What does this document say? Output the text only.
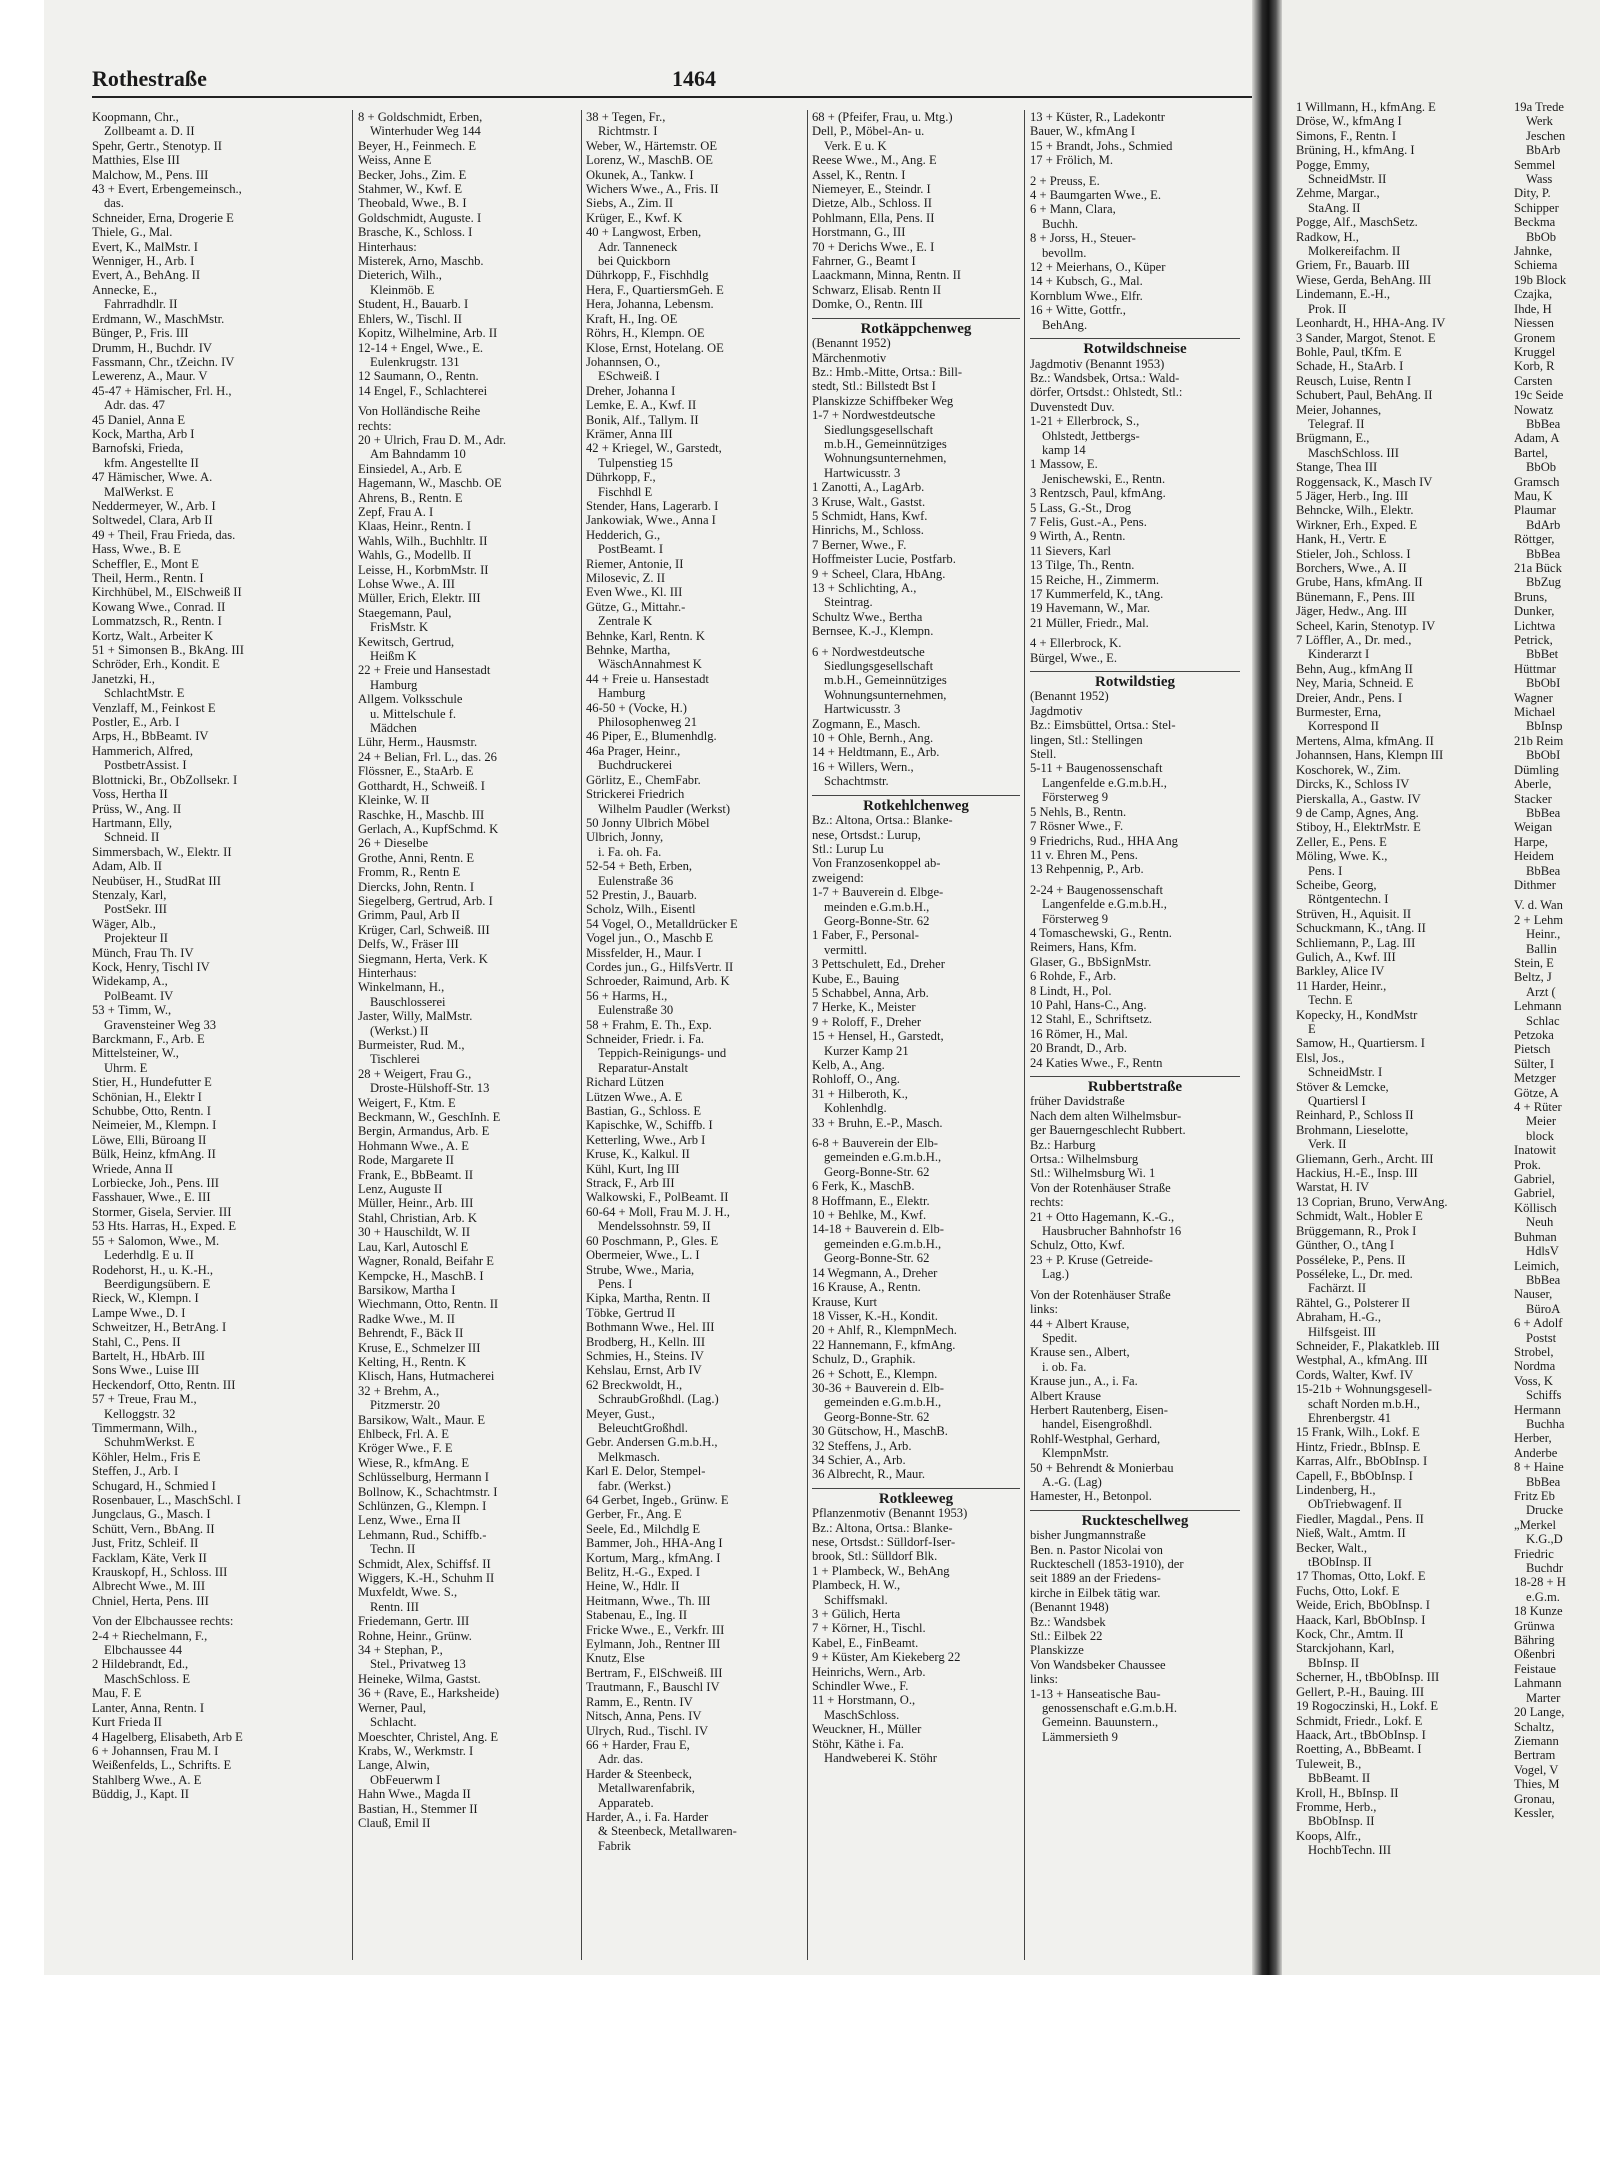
1 Willmann, H., kfmAng. E

Dröse, W., kfmAng I

Simons, F., Rentn. I

Brüning, H., kfmAng. I

Pogge, Emmy,

SchneidMstr. II

Zehme, Margar.,

StaAng. II

Pogge, Alf., MaschSetz.

Radkow, H.,

Molkereifachm. II

Griem, Fr., Bauarb. III

Wiese, Gerda, BehAng. III

Lindemann, E.-H.,

Prok. II

Leonhardt, H., HHA-Ang. IV

3 Sander, Margot, Stenot. E

Bohle, Paul, tKfm. E

Schade, H., StaArb. I

Reusch, Luise, Rentn I

Schubert, Paul, BehAng. II

Meier, Johannes,

Telegraf. II

Brügmann, E.,

MaschSchloss. III

Stange, Thea III

Roggensack, K., Masch IV

5 Jäger, Herb., Ing. III

Behncke, Wilh., Elektr.

Wirkner, Erh., Exped. E

Hank, H., Vertr. E

Stieler, Joh., Schloss. I

Borchers, Wwe., A. II

Grube, Hans, kfmAng. II

Bünemann, F., Pens. III

Jäger, Hedw., Ang. III

Scheel, Karin, Stenotyp. IV

7 Löffler, A., Dr. med.,

Kinderarzt I

Behn, Aug., kfmAng II

Ney, Maria, Schneid. E

Dreier, Andr., Pens. I

Burmester, Erna,

Korrespond II

Mertens, Alma, kfmAng. II

Johannsen, Hans, Klempn III

Koschorek, W., Zim.

Dircks, K., Schloss IV

Pierskalla, A., Gastw. IV

9 de Camp, Agnes, Ang.

Stiboy, H., ElektrMstr. E

Zeller, E., Pens. E

Möling, Wwe. K.,

Pens. I

Scheibe, Georg,

Röntgentechn. I

Strüven, H., Aquisit. II

Schuckmann, K., tAng. II

Schliemann, P., Lag. III

Gulich, A., Kwf. III

Barkley, Alice IV

11 Harder, Heinr.,

Techn. E

Kopecky, H., KondMstr

E

Samow, H., Quartiersm. I

Elsl, Jos.,

SchneidMstr. I

Stöver & Lemcke,

Quartiersl I

Reinhard, P., Schloss II

Brohmann, Lieselotte,

Verk. II

Gliemann, Gerh., Archt. III

Hackius, H.-E., Insp. III

Warstat, H. IV

13 Coprian, Bruno, VerwAng.

Schmidt, Walt., Hobler E

Brüggemann, R., Prok I

Günther, O., tAng I

Posséleke, P., Pens. II

Posséleke, L., Dr. med.

Fachärzt. II

Rähtel, G., Polsterer II

Abraham, H.-G.,

Hilfsgeist. III

Schneider, F., Plakatkleb. III

Westphal, A., kfmAng. III

Cords, Walter, Kwf. IV

15-21b + Wohnungsgesell-

schaft Norden m.b.H.,

Ehrenbergstr. 41

15 Frank, Wilh., Lokf. E

Hintz, Friedr., BbInsp. E

Karras, Alfr., BbObInsp. I

Capell, F., BbObInsp. I

Lindenberg, H.,

ObTriebwagenf. II

Fiedler, Magdal., Pens. II

Nieß, Walt., Amtm. II

Becker, Walt.,

tBObInsp. II

17 Thomas, Otto, Lokf. E

Fuchs, Otto, Lokf. E

Weide, Erich, BbObInsp. I

Haack, Karl, BbObInsp. I

Kock, Chr., Amtm. II

Starckjohann, Karl,

BbInsp. II

Scherner, H., tBbObInsp. III

Gellert, P.-H., Bauing. III

19 Rogoczinski, H., Lokf. E

Schmidt, Friedr., Lokf. E

Haack, Art., tBbObInsp. I

Roetting, A., BbBeamt. I

Tuleweit, B.,

BbBeamt. II

Kroll, H., BbInsp. II

Fromme, Herb.,

BbObInsp. II

Koops, Alfr.,

HochbTechn. III

19a Trede

Werk

Jeschen

BbArb

Semmel

Wass

Dity, P.

Schipper

Beckma

BbOb

Jahnke,

Schiema

19b Block

Czajka,

Ihde, H

Niessen

Gronem

Kruggel

Korb, R

Carsten

19c Seide

Nowatz

BbBea

Adam, A

Bartel,

BbOb

Gramsch

Mau, K

Plaumar

BdArb

Röttger,

BbBea

21a Bück

BbZug

Bruns,

Dunker,

Lichtwa

Petrick,

BbBet

Hüttmar

BbObI

Wagner

Michael

BbInsp

21b Reim

BbObI

Dümling

Aberle,

Stacker

BbBea

Weigan

Harpe,

Heidem

BbBea

Dithmer

V. d. Wan

2 + Lehm

Heinr.,

Ballin

Stein, E

Beltz, J

Arzt (

Lehmann

Schlac

Petzoka

Pietsch

Sülter, I

Metzger

Götze, A

4 + Rüter

Meier

block

Inatowit

Prok.

Gabriel,

Gabriel,

Köllisch

Neuh

Buhman

HdlsV

Leimich,

BbBea

Nauser,

BüroA

6 + Adolf

Postst

Strobel,

Nordma

Voss, K

Schiffs

Hermann

Buchha

Herber,

Anderbe

8 + Haine

BbBea

Fritz Eb

Drucke

„Merkel

K.G.,D

Friedric

Buchdr

18-28 + H

e.G.m.

18 Kunze

Grünwa

Bähring

Oßenbri

Feistaue

Lahmann

Marter

20 Lange,

Schaltz,

Ziemann

Bertram

Vogel, V

Thies, M

Gronau,

Kessler,

Rothestraße	1464

Koopmann, Chr.,

Zollbeamt a. D. II

Spehr, Gertr., Stenotyp. II

Matthies, Else III

Malchow, M., Pens. III

43 + Evert, Erbengemeinsch.,

das.

Schneider, Erna, Drogerie E

Thiele, G., Mal.

Evert, K., MalMstr. I

Wenniger, H., Arb. I

Evert, A., BehAng. II

Annecke, E.,

Fahrradhdlr. II

Erdmann, W., MaschMstr.

Bünger, P., Fris. III

Drumm, H., Buchdr. IV

Fassmann, Chr., tZeichn. IV

Lewerenz, A., Maur. V

45-47 + Hämischer, Frl. H.,

Adr. das. 47

45 Daniel, Anna E

Kock, Martha, Arb I

Barnofski, Frieda,

kfm. Angestellte II

47 Hämischer, Wwe. A.

MalWerkst. E

Neddermeyer, W., Arb. I

Soltwedel, Clara, Arb II

49 + Theil, Frau Frieda, das.

Hass, Wwe., B. E

Scheffler, E., Mont E

Theil, Herm., Rentn. I

Kirchhübel, M., ElSchweiß II

Kowang Wwe., Conrad. II

Lommatzsch, R., Rentn. I

Kortz, Walt., Arbeiter K

51 + Simonsen B., BkAng. III

Schröder, Erh., Kondit. E

Janetzki, H.,

SchlachtMstr. E

Venzlaff, M., Feinkost E

Postler, E., Arb. I

Arps, H., BbBeamt. IV

Hammerich, Alfred,

PostbetrAssist. I

Blottnicki, Br., ObZollsekr. I

Voss, Hertha II

Prüss, W., Ang. II

Hartmann, Elly,

Schneid. II

Simmersbach, W., Elektr. II

Adam, Alb. II

Neubüser, H., StudRat III

Stenzaly, Karl,

PostSekr. III

Wäger, Alb.,

Projekteur II

Münch, Frau Th. IV

Kock, Henry, Tischl IV

Widekamp, A.,

PolBeamt. IV

53 + Timm, W.,

Gravensteiner Weg 33

Barckmann, F., Arb. E

Mittelsteiner, W.,

Uhrm. E

Stier, H., Hundefutter E

Schönian, H., Elektr I

Schubbe, Otto, Rentn. I

Neimeier, M., Klempn. I

Löwe, Elli, Büroang II

Bülk, Heinz, kfmAng. II

Wriede, Anna II

Lorbiecke, Joh., Pens. III

Fasshauer, Wwe., E. III

Stormer, Gisela, Servier. III

53 Hts. Harras, H., Exped. E

55 + Salomon, Wwe., M.

Lederhdlg. E u. II

Rodehorst, H., u. K.-H.,

Beerdigungsübern. E

Rieck, W., Klempn. I

Lampe Wwe., D. I

Schweitzer, H., BetrAng. I

Stahl, C., Pens. II

Bartelt, H., HbArb. III

Sons Wwe., Luise III

Heckendorf, Otto, Rentn. III

57 + Treue, Frau M.,

Kelloggstr. 32

Timmermann, Wilh.,

SchuhmWerkst. E

Köhler, Helm., Fris E

Steffen, J., Arb. I

Schugard, H., Schmied I

Rosenbauer, L., MaschSchl. I

Jungclaus, G., Masch. I

Schütt, Vern., BbAng. II

Just, Fritz, Schleif. II

Facklam, Käte, Verk II

Krauskopf, H., Schloss. III

Albrecht Wwe., M. III

Chniel, Herta, Pens. III

Von der Elbchaussee rechts:

2-4 + Riechelmann, F.,

Elbchaussee 44

2 Hildebrandt, Ed.,

MaschSchloss. E

Mau, F. E

Lanter, Anna, Rentn. I

Kurt Frieda II

4 Hagelberg, Elisabeth, Arb E

6 + Johannsen, Frau M. I

Weißenfelds, L., Schrifts. E

Stahlberg Wwe., A. E

Büddig, J., Kapt. II

8 + Goldschmidt, Erben,

Winterhuder Weg 144

Beyer, H., Feinmech. E

Weiss, Anne E

Becker, Johs., Zim. E

Stahmer, W., Kwf. E

Theobald, Wwe., B. I

Goldschmidt, Auguste. I

Brasche, K., Schloss. I

Hinterhaus:

Misterek, Arno, Maschb.

Dieterich, Wilh.,

Kleinmöb. E

Student, H., Bauarb. I

Ehlers, W., Tischl. II

Kopitz, Wilhelmine, Arb. II

12-14 + Engel, Wwe., E.

Eulenkrugstr. 131

12 Saumann, O., Rentn.

14 Engel, F., Schlachterei

Von Holländische Reihe

rechts:

20 + Ulrich, Frau D. M., Adr.

Am Bahndamm 10

Einsiedel, A., Arb. E

Hagemann, W., Maschb. OE

Ahrens, B., Rentn. E

Zepf, Frau A. I

Klaas, Heinr., Rentn. I

Wahls, Wilh., Buchhltr. II

Wahls, G., Modellb. II

Leisse, H., KorbmMstr. II

Lohse Wwe., A. III

Müller, Erich, Elektr. III

Staegemann, Paul,

FrisMstr. K

Kewitsch, Gertrud,

Heißm K

22 + Freie und Hansestadt

Hamburg

Allgem. Volksschule

u. Mittelschule f.

Mädchen

Lühr, Herm., Hausmstr.

24 + Belian, Frl. L., das. 26

Flössner, E., StaArb. E

Gotthardt, H., Schweiß. I

Kleinke, W. II

Raschke, H., Maschb. III

Gerlach, A., KupfSchmd. K

26 + Dieselbe

Grothe, Anni, Rentn. E

Fromm, R., Rentn E

Diercks, John, Rentn. I

Siegelberg, Gertrud, Arb. I

Grimm, Paul, Arb II

Krüger, Carl, Schweiß. III

Delfs, W., Fräser III

Siegmann, Herta, Verk. K

Hinterhaus:

Winkelmann, H.,

Bauschlosserei

Jaster, Willy, MalMstr.

(Werkst.) II

Burmeister, Rud. M.,

Tischlerei

28 + Weigert, Frau G.,

Droste-Hülshoff-Str. 13

Weigert, F., Ktm. E

Beckmann, W., GeschInh. E

Bergin, Armandus, Arb. E

Hohmann Wwe., A. E

Rode, Margarete II

Frank, E., BbBeamt. II

Lenz, Auguste II

Müller, Heinr., Arb. III

Stahl, Christian, Arb. K

30 + Hauschildt, W. II

Lau, Karl, Autoschl E

Wagner, Ronald, Beifahr E

Kempcke, H., MaschB. I

Barsikow, Martha I

Wiechmann, Otto, Rentn. II

Radke Wwe., M. II

Behrendt, F., Bäck II

Kruse, E., Schmelzer III

Kelting, H., Rentn. K

Klisch, Hans, Hutmacherei

32 + Brehm, A.,

Pitzmerstr. 20

Barsikow, Walt., Maur. E

Ehlbeck, Frl. A. E

Kröger Wwe., F. E

Wiese, R., kfmAng. E

Schlüsselburg, Hermann I

Bollnow, K., Schachtmstr. I

Schlünzen, G., Klempn. I

Lenz, Wwe., Erna II

Lehmann, Rud., Schiffb.-

Techn. II

Schmidt, Alex, Schiffsf. II

Wiggers, K.-H., Schuhm II

Muxfeldt, Wwe. S.,

Rentn. III

Friedemann, Gertr. III

Rohne, Heinr., Grünw.

34 + Stephan, P.,

Stel., Privatweg 13

Heineke, Wilma, Gastst.

36 + (Rave, E., Harksheide)

Werner, Paul,

Schlacht.

Moeschter, Christel, Ang. E

Krabs, W., Werkmstr. I

Lange, Alwin,

ObFeuerwm I

Hahn Wwe., Magda II

Bastian, H., Stemmer II

Clauß, Emil II

38 + Tegen, Fr.,

Richtmstr. I

Weber, W., Härtemstr. OE

Lorenz, W., MaschB. OE

Okunek, A., Tankw. I

Wichers Wwe., A., Fris. II

Siebs, A., Zim. II

Krüger, E., Kwf. K

40 + Langwost, Erben,

Adr. Tanneneck

bei Quickborn

Dührkopp, F., Fischhdlg

Hera, F., QuartiersmGeh. E

Hera, Johanna, Lebensm.

Kraft, H., Ing. OE

Röhrs, H., Klempn. OE

Klose, Ernst, Hotelang. OE

Johannsen, O.,

ESchweiß. I

Dreher, Johanna I

Lemke, E. A., Kwf. II

Bonik, Alf., Tallym. II

Krämer, Anna III

42 + Kriegel, W., Garstedt,

Tulpenstieg 15

Dührkopp, F.,

Fischhdl E

Stender, Hans, Lagerarb. I

Jankowiak, Wwe., Anna I

Hedderich, G.,

PostBeamt. I

Riemer, Antonie, II

Milosevic, Z. II

Even Wwe., Kl. III

Gütze, G., Mittahr.-

Zentrale K

Behnke, Karl, Rentn. K

Behnke, Martha,

WäschAnnahmest K

44 + Freie u. Hansestadt

Hamburg

46-50 + (Vocke, H.)

Philosophenweg 21

46 Piper, E., Blumenhdlg.

46a Prager, Heinr.,

Buchdruckerei

Görlitz, E., ChemFabr.

Strickerei Friedrich

Wilhelm Paudler (Werkst)

50 Jonny Ulbrich Möbel

Ulbrich, Jonny,

i. Fa. oh. Fa.

52-54 + Beth, Erben,

Eulenstraße 36

52 Prestin, J., Bauarb.

Scholz, Wilh., Eisentl

54 Vogel, O., Metalldrücker E

Vogel jun., O., Maschb E

Missfelder, H., Maur. I

Cordes jun., G., HilfsVertr. II

Schroeder, Raimund, Arb. K

56 + Harms, H.,

Eulenstraße 30

58 + Frahm, E. Th., Exp.

Schneider, Friedr. i. Fa.

Teppich-Reinigungs- und

Reparatur-Anstalt

Richard Lützen

Lützen Wwe., A. E

Bastian, G., Schloss. E

Kapischke, W., Schiffb. I

Ketterling, Wwe., Arb I

Kruse, K., Kalkul. II

Kühl, Kurt, Ing III

Strack, F., Arb III

Walkowski, F., PolBeamt. II

60-64 + Moll, Frau M. J. H.,

Mendelssohnstr. 59, II

60 Poschmann, P., Gles. E

Obermeier, Wwe., L. I

Strube, Wwe., Maria,

Pens. I

Kipka, Martha, Rentn. II

Töbke, Gertrud II

Bothmann Wwe., Hel. III

Brodberg, H., Kelln. III

Schmies, H., Steins. IV

Kehslau, Ernst, Arb IV

62 Breckwoldt, H.,

SchraubGroßhdl. (Lag.)

Meyer, Gust.,

BeleuchtGroßhdl.

Gebr. Andersen G.m.b.H.,

Melkmasch.

Karl E. Delor, Stempel-

fabr. (Werkst.)

64 Gerbet, Ingeb., Grünw. E

Gerber, Fr., Ang. E

Seele, Ed., Milchdlg E

Bammer, Joh., HHA-Ang I

Kortum, Marg., kfmAng. I

Belitz, H.-G., Exped. I

Heine, W., Hdlr. II

Heitmann, Wwe., Th. III

Stabenau, E., Ing. II

Fricke Wwe., E., Verkfr. III

Eylmann, Joh., Rentner III

Knutz, Else

Bertram, F., ElSchweiß. III

Trautmann, F., Bauschl IV

Ramm, E., Rentn. IV

Nitsch, Anna, Pens. IV

Ulrych, Rud., Tischl. IV

66 + Harder, Frau E,

Adr. das.

Harder & Steenbeck,

Metallwarenfabrik,

Apparateb.

Harder, A., i. Fa. Harder

& Steenbeck, Metallwaren-

Fabrik

68 + (Pfeifer, Frau, u. Mtg.)

Dell, P., Möbel-An- u.

Verk. E u. K

Reese Wwe., M., Ang. E

Assel, K., Rentn. I

Niemeyer, E., Steindr. I

Dietze, Alb., Schloss. II

Pohlmann, Ella, Pens. II

Horstmann, G., III

70 + Derichs Wwe., E. I

Fahrner, G., Beamt I

Laackmann, Minna, Rentn. II

Schwarz, Elisab. Rentn II

Domke, O., Rentn. III

Rotkäppchenweg

(Benannt 1952)

Märchenmotiv

Bz.: Hmb.-Mitte, Ortsa.: Bill-

stedt, Stl.: Billstedt Bst I

Planskizze Schiffbeker Weg

1-7 + Nordwestdeutsche

Siedlungsgesellschaft

m.b.H., Gemeinnütziges

Wohnungsunternehmen,

Hartwicusstr. 3

1 Zanotti, A., LagArb.

3 Kruse, Walt., Gastst.

5 Schmidt, Hans, Kwf.

Hinrichs, M., Schloss.

7 Berner, Wwe., F.

Hoffmeister Lucie, Postfarb.

9 + Scheel, Clara, HbAng.

13 + Schlichting, A.,

Steintrag.

Schultz Wwe., Bertha

Bernsee, K.-J., Klempn.

6 + Nordwestdeutsche

Siedlungsgesellschaft

m.b.H., Gemeinnütziges

Wohnungsunternehmen,

Hartwicusstr. 3

Zogmann, E., Masch.

10 + Ohle, Bernh., Ang.

14 + Heldtmann, E., Arb.

16 + Willers, Wern.,

Schachtmstr.

Rotkehlchenweg

Bz.: Altona, Ortsa.: Blanke-

nese, Ortsdst.: Lurup,

Stl.: Lurup Lu

Von Franzosenkoppel ab-

zweigend:

1-7 + Bauverein d. Elbge-

meinden e.G.m.b.H.,

Georg-Bonne-Str. 62

1 Faber, F., Personal-

vermittl.

3 Pettschulett, Ed., Dreher

Kube, E., Bauing

5 Schabbel, Anna, Arb.

7 Herke, K., Meister

9 + Roloff, F., Dreher

15 + Hensel, H., Garstedt,

Kurzer Kamp 21

Kelb, A., Ang.

Rohloff, O., Ang.

31 + Hilberoth, K.,

Kohlenhdlg.

33 + Bruhn, E.-P., Masch.

6-8 + Bauverein der Elb-

gemeinden e.G.m.b.H.,

Georg-Bonne-Str. 62

6 Ferk, K., MaschB.

8 Hoffmann, E., Elektr.

10 + Behlke, M., Kwf.

14-18 + Bauverein d. Elb-

gemeinden e.G.m.b.H.,

Georg-Bonne-Str. 62

14 Wegmann, A., Dreher

16 Krause, A., Rentn.

Krause, Kurt

18 Visser, K.-H., Kondit.

20 + Ahlf, R., KlempnMech.

22 Hannemann, F., kfmAng.

Schulz, D., Graphik.

26 + Schott, E., Klempn.

30-36 + Bauverein d. Elb-

gemeinden e.G.m.b.H.,

Georg-Bonne-Str. 62

30 Gütschow, H., MaschB.

32 Steffens, J., Arb.

34 Schier, A., Arb.

36 Albrecht, R., Maur.

Rotkleeweg

Pflanzenmotiv (Benannt 1953)

Bz.: Altona, Ortsa.: Blanke-

nese, Ortsdst.: Sülldorf-Iser-

brook, Stl.: Sülldorf Blk.

1 + Plambeck, W., BehAng

Plambeck, H. W.,

Schiffsmakl.

3 + Gülich, Herta

7 + Körner, H., Tischl.

Kabel, E., FinBeamt.

9 + Küster, Am Kiekeberg 22

Heinrichs, Wern., Arb.

Schindler Wwe., F.

11 + Horstmann, O.,

MaschSchloss.

Weuckner, H., Müller

Stöhr, Käthe i. Fa.

Handweberei K. Stöhr

13 + Küster, R., Ladekontr

Bauer, W., kfmAng I

15 + Brandt, Johs., Schmied

17 + Frölich, M.

2 + Preuss, E.

4 + Baumgarten Wwe., E.

6 + Mann, Clara,

Buchh.

8 + Jorss, H., Steuer-

bevollm.

12 + Meierhans, O., Küper

14 + Kubsch, G., Mal.

Kornblum Wwe., Elfr.

16 + Witte, Gottfr.,

BehAng.

Rotwildschneise

Jagdmotiv (Benannt 1953)

Bz.: Wandsbek, Ortsa.: Wald-

dörfer, Ortsdst.: Ohlstedt, Stl.:

Duvenstedt Duv.

1-21 + Ellerbrock, S.,

Ohlstedt, Jettbergs-

kamp 14

1 Massow, E.

Jenischewski, E., Rentn.

3 Rentzsch, Paul, kfmAng.

5 Lass, G.-St., Drog

7 Felis, Gust.-A., Pens.

9 Wirth, A., Rentn.

11 Sievers, Karl

13 Tilge, Th., Rentn.

15 Reiche, H., Zimmerm.

17 Kummerfeld, K., tAng.

19 Havemann, W., Mar.

21 Müller, Friedr., Mal.

4 + Ellerbrock, K.

Bürgel, Wwe., E.

Rotwildstieg

(Benannt 1952)

Jagdmotiv

Bz.: Eimsbüttel, Ortsa.: Stel-

lingen, Stl.: Stellingen

Stell.

5-11 + Baugenossenschaft

Langenfelde e.G.m.b.H.,

Försterweg 9

5 Nehls, B., Rentn.

7 Rösner Wwe., F.

9 Friedrichs, Rud., HHA Ang

11 v. Ehren M., Pens.

13 Rehpennig, P., Arb.

2-24 + Baugenossenschaft

Langenfelde e.G.m.b.H.,

Försterweg 9

4 Tomaschewski, G., Rentn.

Reimers, Hans, Kfm.

Glaser, G., BbSignMstr.

6 Rohde, F., Arb.

8 Lindt, H., Pol.

10 Pahl, Hans-C., Ang.

12 Stahl, E., Schriftsetz.

16 Römer, H., Mal.

20 Brandt, D., Arb.

24 Katies Wwe., F., Rentn

Rubbertstraße

früher Davidstraße

Nach dem alten Wilhelmsbur-

ger Bauerngeschlecht Rubbert.

Bz.: Harburg

Ortsa.: Wilhelmsburg

Stl.: Wilhelmsburg Wi. 1

Von der Rotenhäuser Straße

rechts:

21 + Otto Hagemann, K.-G.,

Hausbrucher Bahnhofstr 16

Schulz, Otto, Kwf.

23 + P. Kruse (Getreide-

Lag.)

Von der Rotenhäuser Straße

links:

44 + Albert Krause,

Spedit.

Krause sen., Albert,

i. ob. Fa.

Krause jun., A., i. Fa.

Albert Krause

Herbert Rautenberg, Eisen-

handel, Eisengroßhdl.

Rohlf-Westphal, Gerhard,

KlempnMstr.

50 + Behrendt & Monierbau

A.-G. (Lag)

Hamester, H., Betonpol.

Ruckteschellweg

bisher Jungmannstraße

Ben. n. Pastor Nicolai von

Ruckteschell (1853-1910), der

seit 1889 an der Friedens-

kirche in Eilbek tätig war.

(Benannt 1948)

Bz.: Wandsbek

Stl.: Eilbek 22

Planskizze

Von Wandsbeker Chaussee

links:

1-13 + Hanseatische Bau-

genossenschaft e.G.m.b.H.

Gemeinn. Bauunstern.,

Lämmersieth 9
